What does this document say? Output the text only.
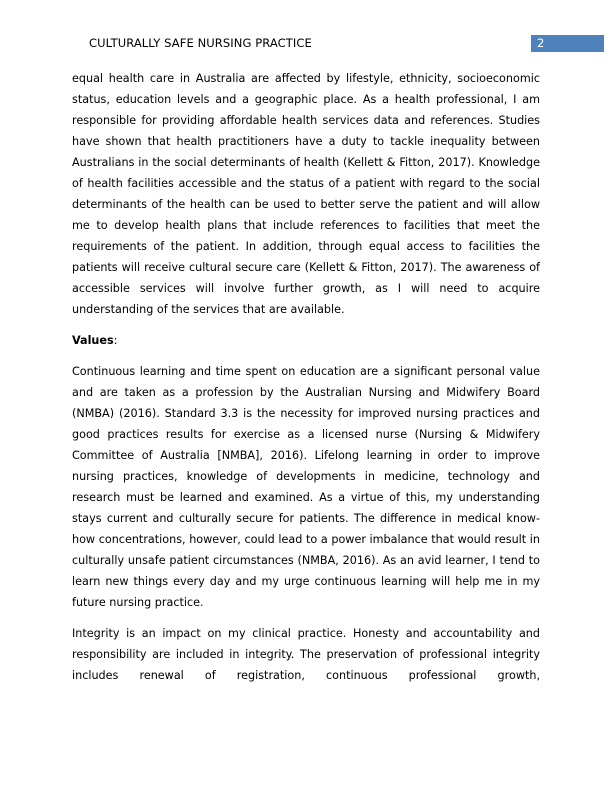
CULTURALLY SAFE NURSING PRACTICE	2

equal health care in Australia are affected by lifestyle, ethnicity, socioeconomic status, education levels and a geographic place. As a health professional, I am responsible for providing affordable health services data and references. Studies have shown that health practitioners have a duty to tackle inequality between Australians in the social determinants of health (Kellett & Fitton, 2017). Knowledge of health facilities accessible and the status of a patient with regard to the social determinants of the health can be used to better serve the patient and will allow me to develop health plans that include references to facilities that meet the requirements of the patient. In addition, through equal access to facilities the patients will receive cultural secure care (Kellett & Fitton, 2017). The awareness of accessible services will involve further growth, as I will need to acquire understanding of the services that are available.

Values:

Continuous learning and time spent on education are a significant personal value and are taken as a profession by the Australian Nursing and Midwifery Board (NMBA) (2016). Standard 3.3 is the necessity for improved nursing practices and good practices results for exercise as a licensed nurse (Nursing & Midwifery Committee of Australia [NMBA], 2016). Lifelong learning in order to improve nursing practices, knowledge of developments in medicine, technology and research must be learned and examined. As a virtue of this, my understanding stays current and culturally secure for patients. The difference in medical know-how concentrations, however, could lead to a power imbalance that would result in culturally unsafe patient circumstances (NMBA, 2016). As an avid learner, I tend to learn new things every day and my urge continuous learning will help me in my future nursing practice.

Integrity is an impact on my clinical practice. Honesty and accountability and responsibility are included in integrity. The preservation of professional integrity includes renewal of registration, continuous professional growth,
